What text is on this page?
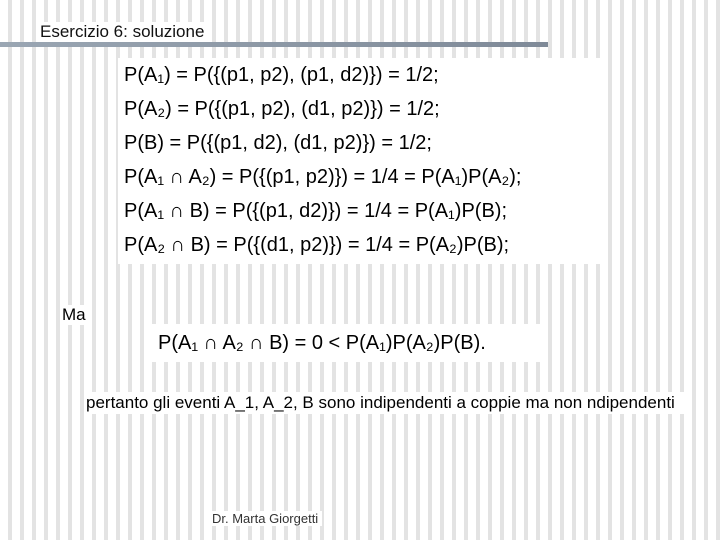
Esercizio 6: soluzione
P(A₁) = P({(p1, p2), (p1, d2)}) = 1/2;
P(A₂) = P({(p1, p2), (d1, p2)}) = 1/2;
P(B) = P({(p1, d2), (d1, p2)}) = 1/2;
P(A₁ ∩ A₂) = P({(p1, p2)}) = 1/4 = P(A₁)P(A₂);
P(A₁ ∩ B) = P({(p1, d2)}) = 1/4 = P(A₁)P(B);
P(A₂ ∩ B) = P({(d1, p2)}) = 1/4 = P(A₂)P(B);
Ma
P(A₁ ∩ A₂ ∩ B) = 0 < P(A₁)P(A₂)P(B).
pertanto gli eventi A_1, A_2, B sono indipendenti a coppie ma non ndipendenti
Dr. Marta Giorgetti
